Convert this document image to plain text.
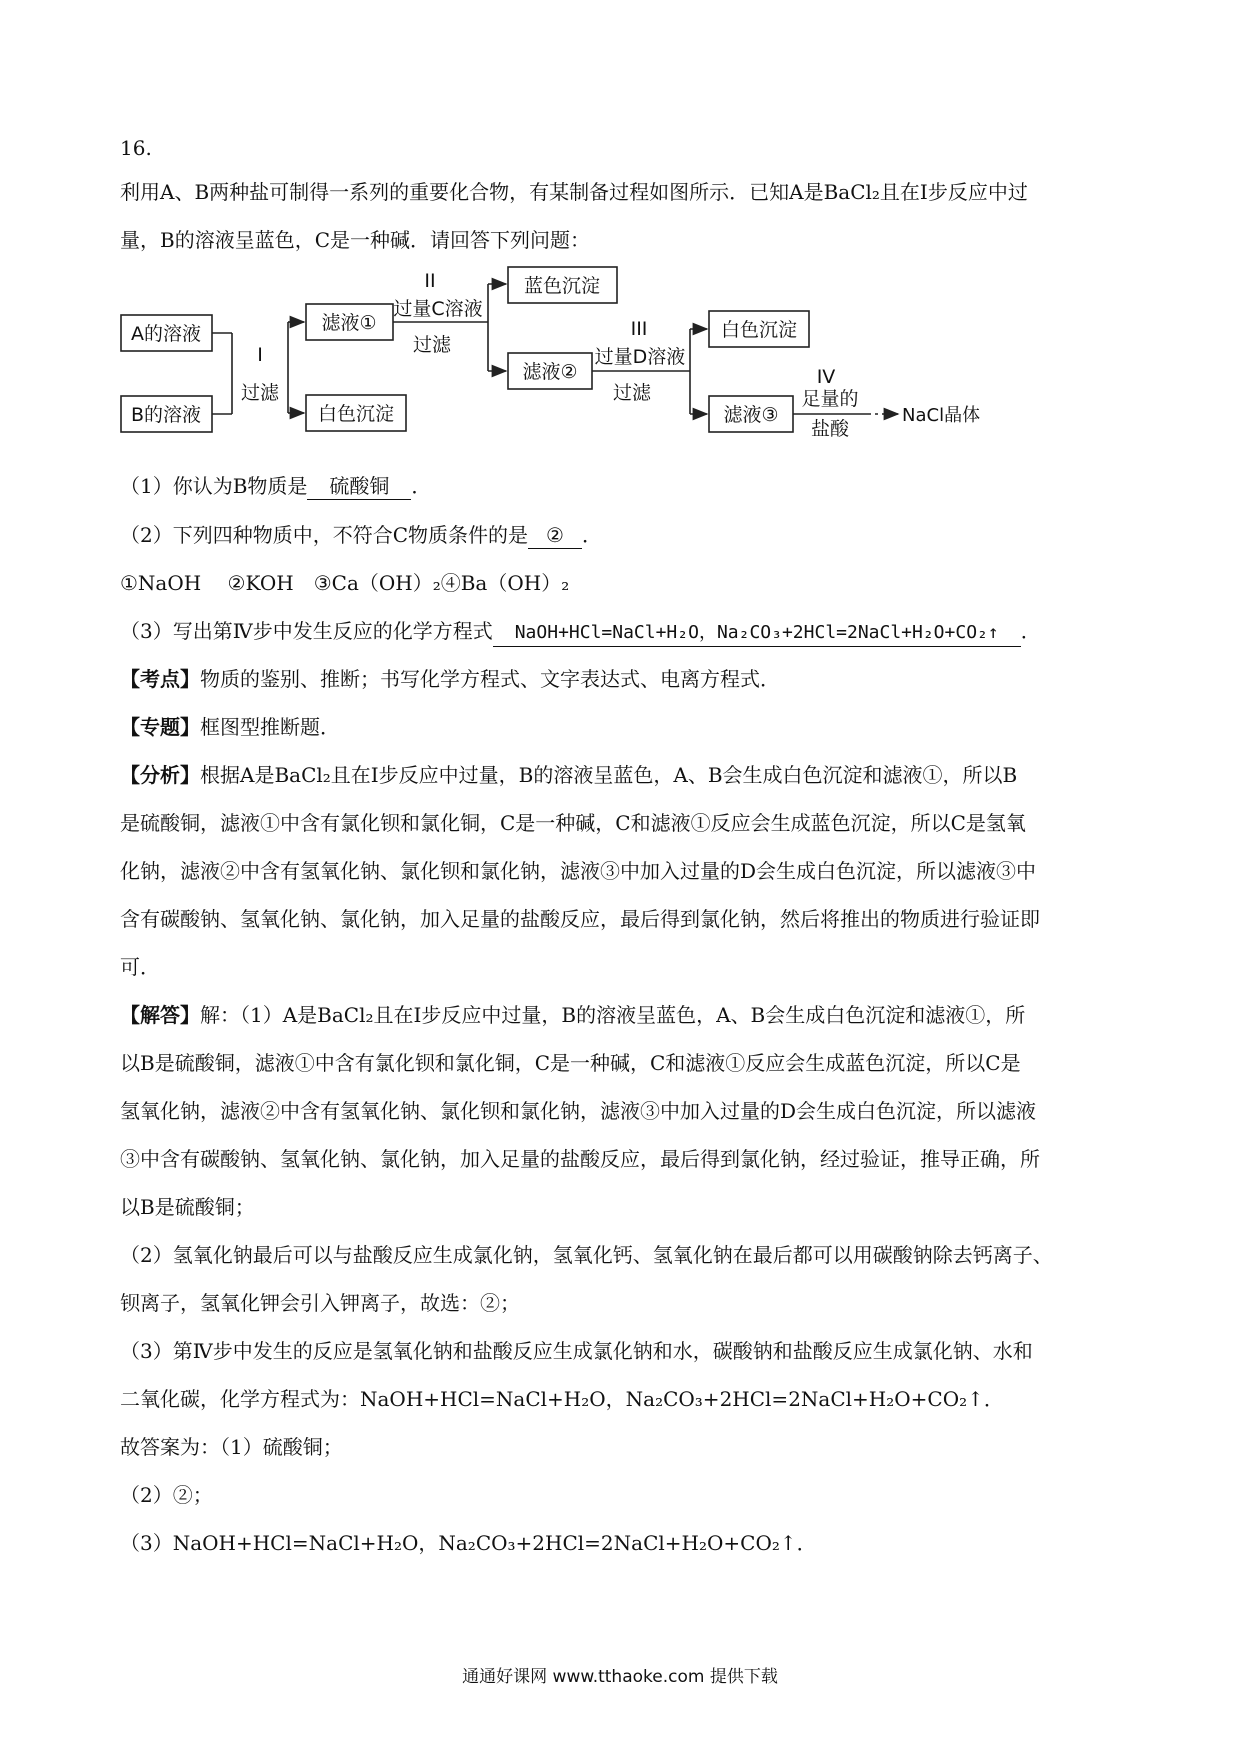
16.
利用A、B两种盐可制得一系列的重要化合物，有某制备过程如图所示．已知A是BaCl₂且在Ⅰ步反应中过
量，B的溶液呈蓝色，C是一种碱．请回答下列问题：
A的溶液
B的溶液
I
过滤
滤液①
白色沉淀
II
过量C溶液
过滤
蓝色沉淀
滤液②
III
过量D溶液
过滤
白色沉淀
滤液③
IV
足量的
盐酸
NaCl晶体
（1）你认为B物质是 硫酸铜 ．
（2）下列四种物质中，不符合C物质条件的是 ② ．
①NaOH　 ②KOH　③Ca（OH）₂④Ba（OH）₂
（3）写出第Ⅳ步中发生反应的化学方程式 NaOH+HCl=NaCl+H₂O，Na₂CO₃+2HCl=2NaCl+H₂O+CO₂↑ ．
【考点】物质的鉴别、推断；书写化学方程式、文字表达式、电离方程式．
【专题】框图型推断题．
【分析】根据A是BaCl₂且在Ⅰ步反应中过量，B的溶液呈蓝色，A、B会生成白色沉淀和滤液①，所以B
是硫酸铜，滤液①中含有氯化钡和氯化铜，C是一种碱，C和滤液①反应会生成蓝色沉淀，所以C是氢氧
化钠，滤液②中含有氢氧化钠、氯化钡和氯化钠，滤液③中加入过量的D会生成白色沉淀，所以滤液③中
含有碳酸钠、氢氧化钠、氯化钠，加入足量的盐酸反应，最后得到氯化钠，然后将推出的物质进行验证即
可．
【解答】解：（1）A是BaCl₂且在Ⅰ步反应中过量，B的溶液呈蓝色，A、B会生成白色沉淀和滤液①，所
以B是硫酸铜，滤液①中含有氯化钡和氯化铜，C是一种碱，C和滤液①反应会生成蓝色沉淀，所以C是
氢氧化钠，滤液②中含有氢氧化钠、氯化钡和氯化钠，滤液③中加入过量的D会生成白色沉淀，所以滤液
③中含有碳酸钠、氢氧化钠、氯化钠，加入足量的盐酸反应，最后得到氯化钠，经过验证，推导正确，所
以B是硫酸铜；
（2）氢氧化钠最后可以与盐酸反应生成氯化钠，氢氧化钙、氢氧化钠在最后都可以用碳酸钠除去钙离子、
钡离子，氢氧化钾会引入钾离子，故选：②；
（3）第Ⅳ步中发生的反应是氢氧化钠和盐酸反应生成氯化钠和水，碳酸钠和盐酸反应生成氯化钠、水和
二氧化碳，化学方程式为：NaOH+HCl=NaCl+H₂O，Na₂CO₃+2HCl=2NaCl+H₂O+CO₂↑．
故答案为：（1）硫酸铜；
（2）②；
（3）NaOH+HCl=NaCl+H₂O，Na₂CO₃+2HCl=2NaCl+H₂O+CO₂↑．
通通好课网 www.tthaoke.com 提供下载
